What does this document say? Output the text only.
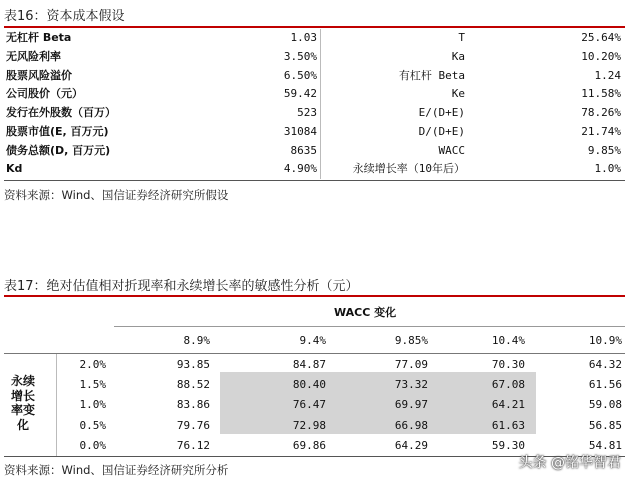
表16：资本成本假设
无杠杆 Beta	1.03	T	25.64%
无风险利率	3.50%	Ka	10.20%
股票风险溢价	6.50%	有杠杆 Beta	1.24
公司股价（元）	59.42	Ke	11.58%
发行在外股数（百万）	523	E/(D+E)	78.26%
股票市值(E, 百万元)	31084	D/(D+E)	21.74%
债务总额(D, 百万元)	8635	WACC	9.85%
Kd	4.90%	永续增长率（10年后）	1.0%
资料来源：Wind、国信证券经济研究所假设
表17：绝对估值相对折现率和永续增长率的敏感性分析（元）
WACC 变化
永续
增长
率变
化
8.9%	9.4%	9.85%	10.4%	10.9%
2.0%	93.85	84.87	77.09	70.30	64.32
1.5%	88.52	80.40	73.32	67.08	61.56
1.0%	83.86	76.47	69.97	64.21	59.08
0.5%	79.76	72.98	66.98	61.63	56.85
0.0%	76.12	69.86	64.29	59.30	54.81
资料来源：Wind、国信证券经济研究所分析	头条 @铭华智君
